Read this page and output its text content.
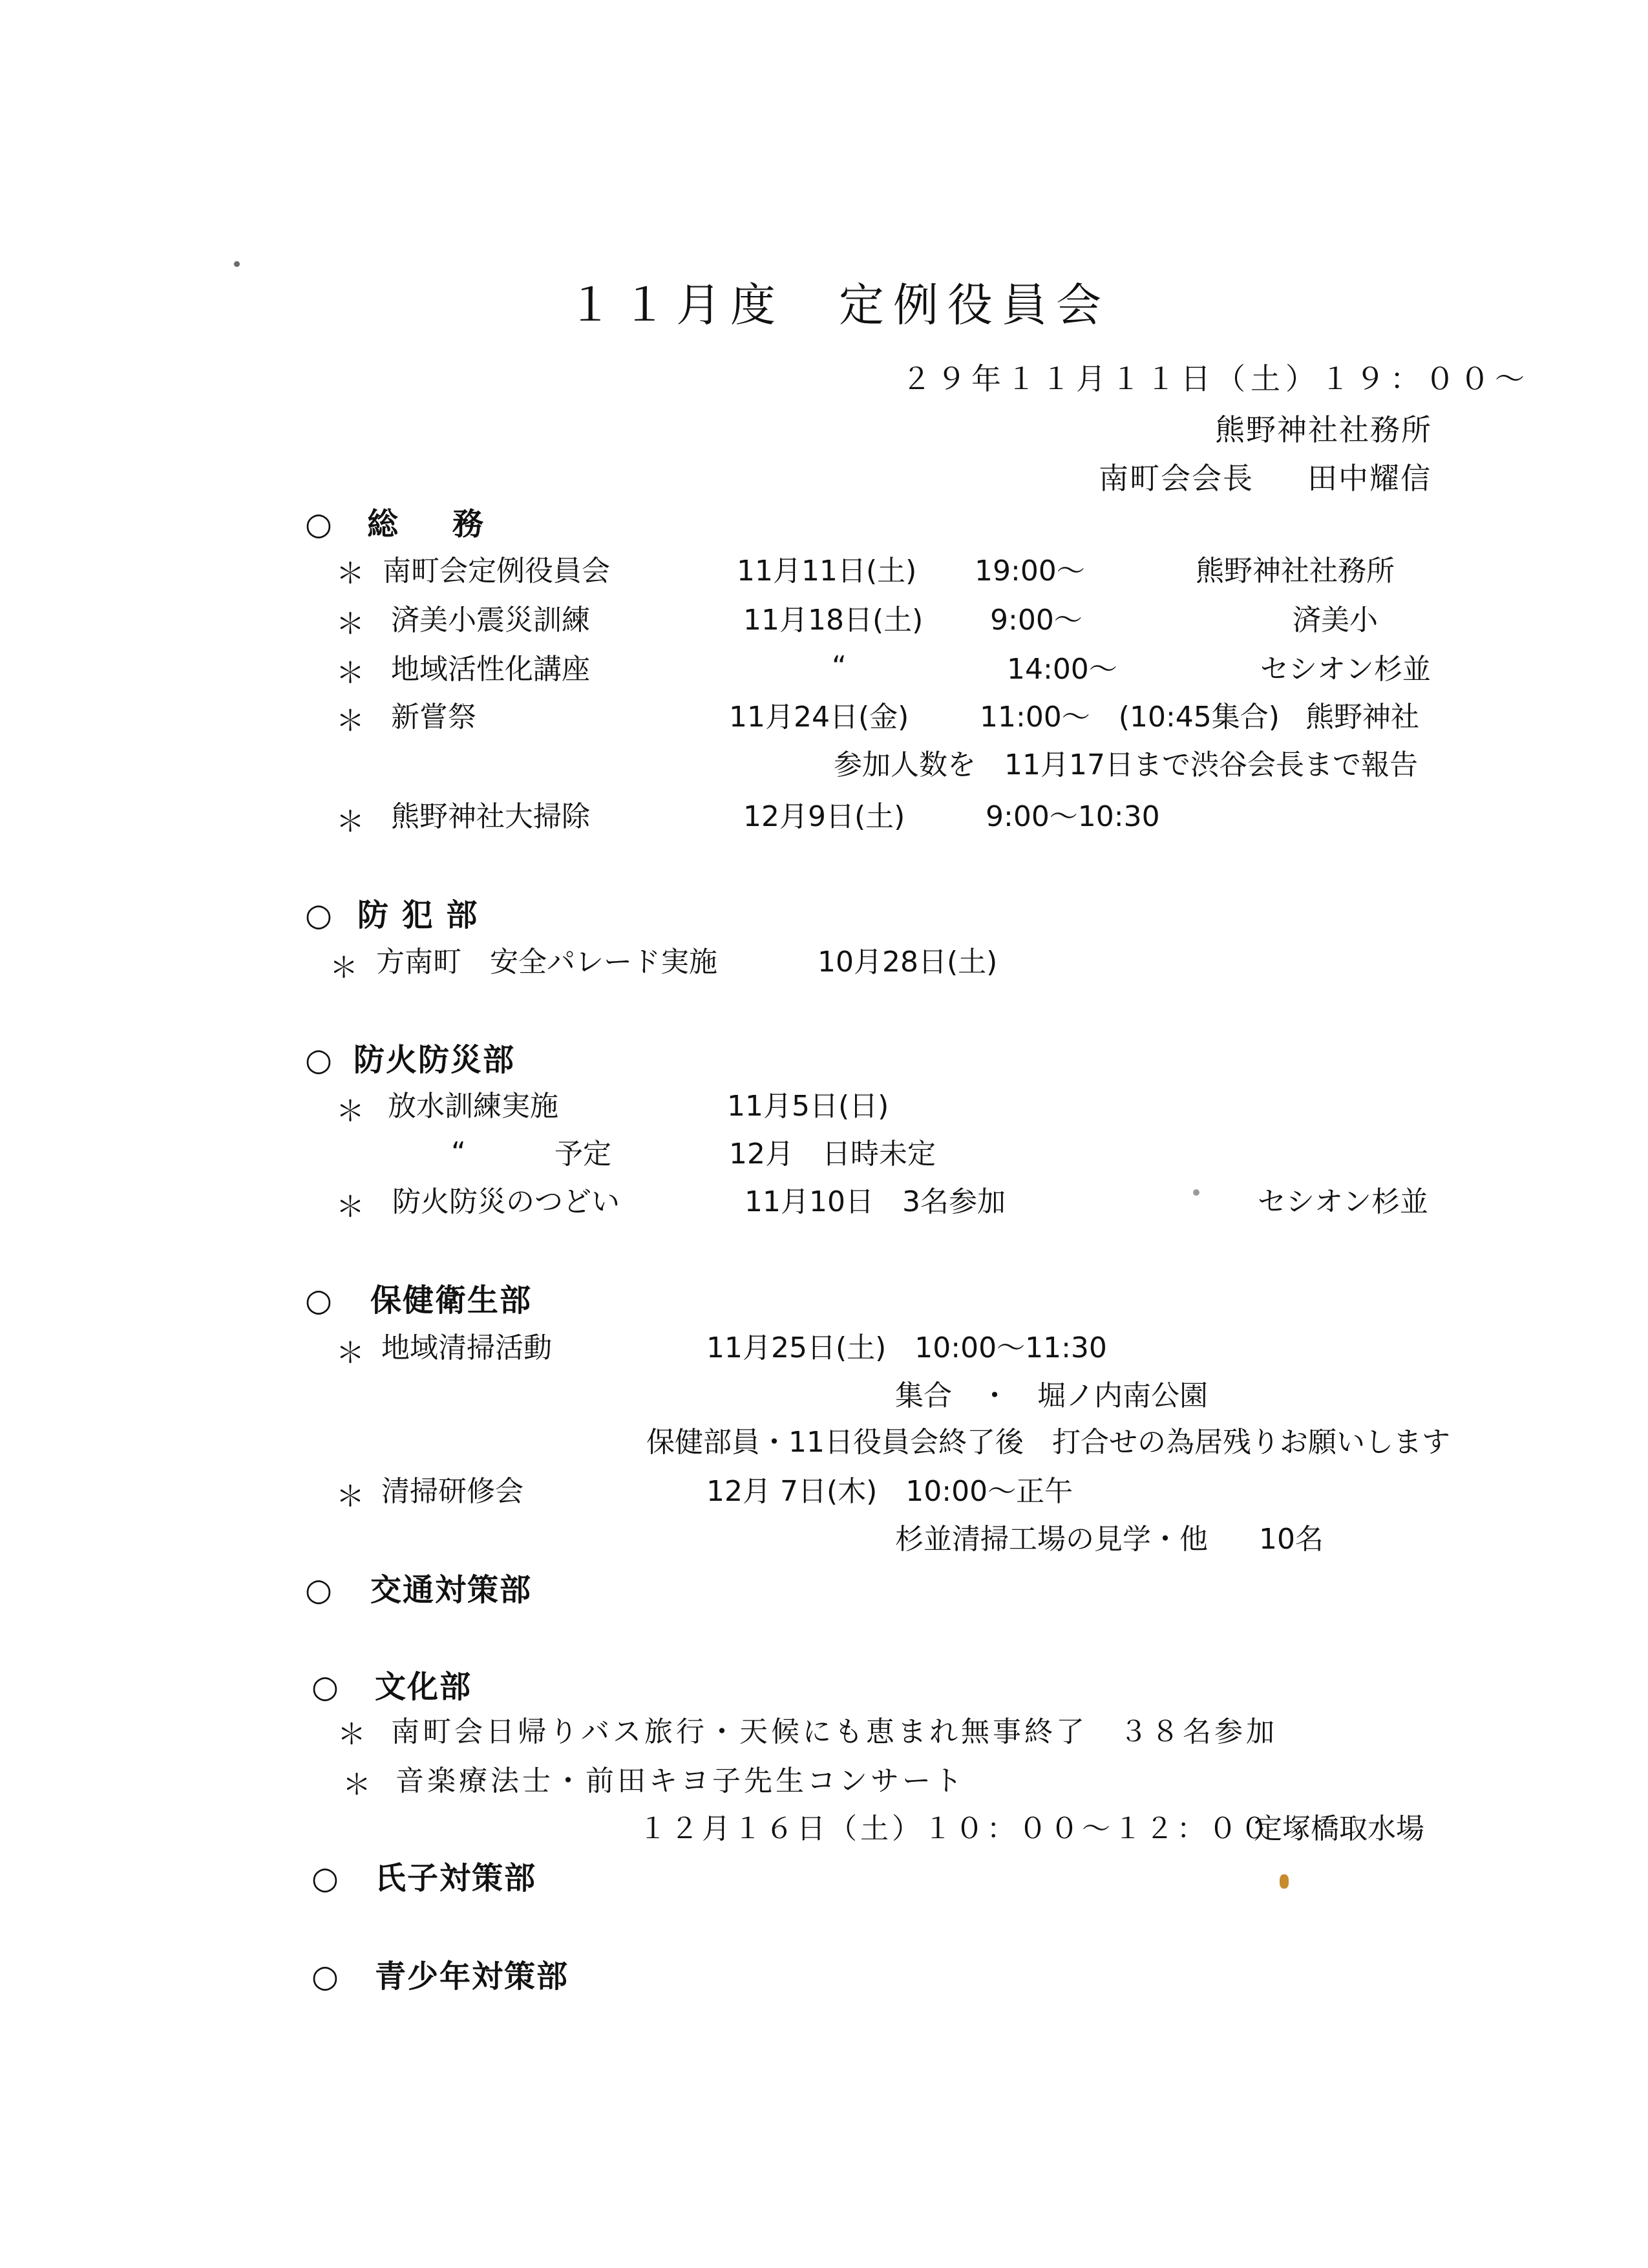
１１月度　定例役員会
２９年１１月１１日（土）１９：００～
熊野神社社務所
南町会会長 田中耀信
○ 総　務
＊ 南町会定例役員会	11月11日(土) 19:00～	熊野神社社務所
＊ 済美小震災訓練	11月18日(土) 9:00～	済美小
＊ 地域活性化講座	“	14:00～	セシオン杉並
＊ 新嘗祭	11月24日(金) 11:00～　(10:45集合) 熊野神社
参加人数を　11月17日まで渋谷会長まで報告
＊ 熊野神社大掃除	12月9日(土)	9:00～10:30
○ 防 犯 部
＊ 方南町　安全パレード実施	10月28日(土)
○ 防火防災部
＊ 放水訓練実施	11月5日(日)
“	予定	12月　日時未定
＊ 防火防災のつどい	11月10日　3名参加	セシオン杉並
○ 保健衛生部
＊ 地域清掃活動	11月25日(土)　10:00～11:30
集合　・　堀ノ内南公園
保健部員・11日役員会終了後　打合せの為居残りお願いします
＊ 清掃研修会	12月 7日(木)　10:00～正午
杉並清掃工場の見学・他 10名
○ 交通対策部
○ 文化部
＊ 南町会日帰りバス旅行・天候にも恵まれ無事終了　３８名参加
＊ 音楽療法士・前田キヨ子先生コンサート
１２月１６日（土）１０：００～１２：００
定塚橋取水場
○ 氏子対策部
○ 青少年対策部
